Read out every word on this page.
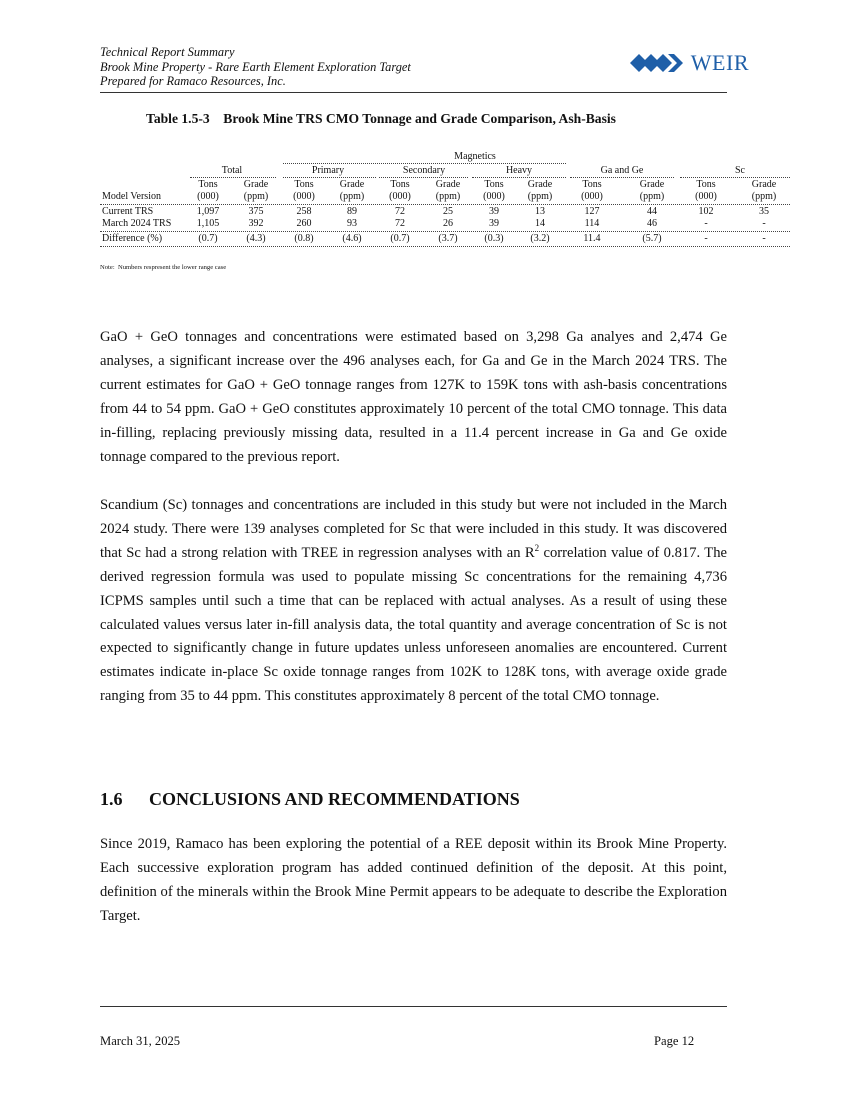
Technical Report Summary
Brook Mine Property - Rare Earth Element Exploration Target
Prepared for Ramaco Resources, Inc.
WEIR
Table 1.5-3    Brook Mine TRS CMO Tonnage and Grade Comparison, Ash-Basis
Magnetics
Total	Primary	Secondary	Heavy	Ga and Ge	Sc
Tons	Grade	Tons	Grade	Tons	Grade	Tons	Grade	Tons	Grade	Tons	Grade
Model Version	(000)	(ppm)	(000)	(ppm)	(000)	(ppm)	(000)	(ppm)	(000)	(ppm)	(000)	(ppm)
Current TRS	1,097	375	258	89	72	25	39	13	127	44	102	35
March 2024 TRS	1,105	392	260	93	72	26	39	14	114	46	-	-
Difference (%)	(0.7)	(4.3)	(0.8)	(4.6)	(0.7)	(3.7)	(0.3)	(3.2)	11.4	(5.7)	-	-
Note:  Numbers respresent the lower range case

GaO + GeO tonnages and concentrations were estimated based on 3,298 Ga analyes and 2,474 Ge analyses, a significant increase over the 496 analyses each, for Ga and Ge in the March 2024 TRS. The current estimates for GaO + GeO tonnage ranges from 127K to 159K tons with ash-basis concentrations from 44 to 54 ppm. GaO + GeO constitutes approximately 10 percent of the total CMO tonnage. This data in-filling, replacing previously missing data, resulted in a 11.4 percent increase in Ga and Ge oxide tonnage compared to the previous report.

Scandium (Sc) tonnages and concentrations are included in this study but were not included in the March 2024 study. There were 139 analyses completed for Sc that were included in this study. It was discovered that Sc had a strong relation with TREE in regression analyses with an $R^2$ correlation value of 0.817. The derived regression formula was used to populate missing Sc concentrations for the remaining 4,736 ICPMS samples until such a time that can be replaced with actual analyses. As a result of using these calculated values versus later in-fill analysis data, the total quantity and average concentration of Sc is not expected to significantly change in future updates unless unforeseen anomalies are encountered. Current estimates indicate in-place Sc oxide tonnage ranges from 102K to 128K tons, with average oxide grade ranging from 35 to 44 ppm. This constitutes approximately 8 percent of the total CMO tonnage.

1.6 CONCLUSIONS AND RECOMMENDATIONS

Since 2019, Ramaco has been exploring the potential of a REE deposit within its Brook Mine Property. Each successive exploration program has added continued definition of the deposit. At this point, definition of the minerals within the Brook Mine Permit appears to be adequate to describe the Exploration Target.

March 31, 2025	Page 12
